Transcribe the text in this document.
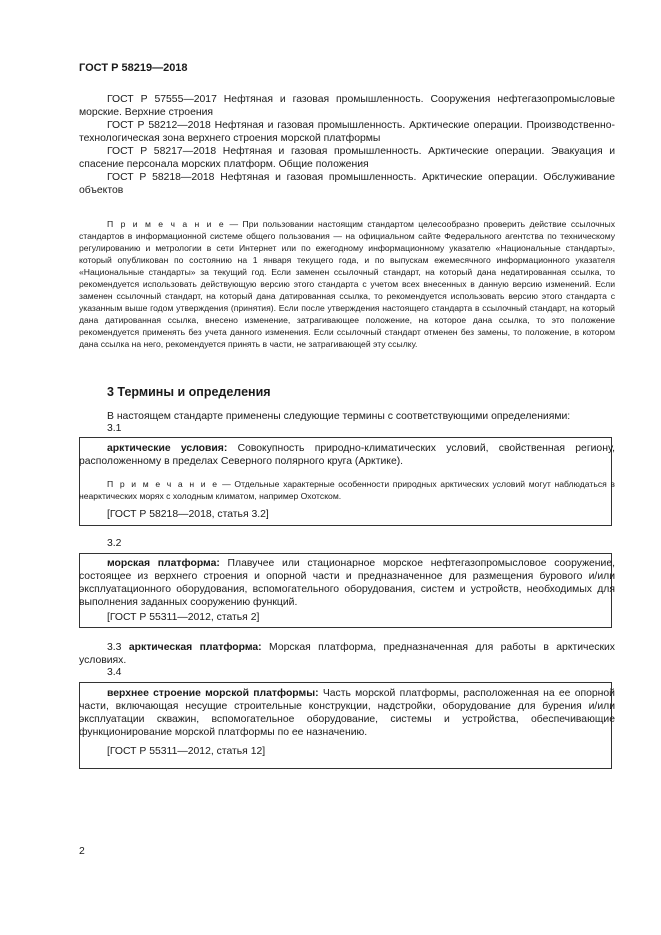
ГОСТ Р 58219—2018
ГОСТ Р 57555—2017 Нефтяная и газовая промышленность. Сооружения нефтегазопромысловые морские. Верхние строения
ГОСТ Р 58212—2018 Нефтяная и газовая промышленность. Арктические операции. Производственно-технологическая зона верхнего строения морской платформы
ГОСТ Р 58217—2018 Нефтяная и газовая промышленность. Арктические операции. Эвакуация и спасение персонала морских платформ. Общие положения
ГОСТ Р 58218—2018 Нефтяная и газовая промышленность. Арктические операции. Обслуживание объектов
П р и м е ч а н и е — При пользовании настоящим стандартом целесообразно проверить действие ссылочных стандартов в информационной системе общего пользования — на официальном сайте Федерального агентства по техническому регулированию и метрологии в сети Интернет или по ежегодному информационному указателю «Национальные стандарты», который опубликован по состоянию на 1 января текущего года, и по выпускам ежемесячного информационного указателя «Национальные стандарты» за текущий год. Если заменен ссылочный стандарт, на который дана недатированная ссылка, то рекомендуется использовать действующую версию этого стандарта с учетом всех внесенных в данную версию изменений. Если заменен ссылочный стандарт, на который дана датированная ссылка, то рекомендуется использовать версию этого стандарта с указанным выше годом утверждения (принятия). Если после утверждения настоящего стандарта в ссылочный стандарт, на который дана датированная ссылка, внесено изменение, затрагивающее положение, на которое дана ссылка, то это положение рекомендуется применять без учета данного изменения. Если ссылочный стандарт отменен без замены, то положение, в котором дана ссылка на него, рекомендуется принять в части, не затрагивающей эту ссылку.
3 Термины и определения
В настоящем стандарте применены следующие термины с соответствующими определениями:
3.1
арктические условия: Совокупность природно-климатических условий, свойственная региону, расположенному в пределах Северного полярного круга (Арктике).
П р и м е ч а н и е — Отдельные характерные особенности природных арктических условий могут наблюдаться в неарктических морях с холодным климатом, например Охотском.
[ГОСТ Р 58218—2018, статья 3.2]
3.2
морская платформа: Плавучее или стационарное морское нефтегазопромысловое сооружение, состоящее из верхнего строения и опорной части и предназначенное для размещения бурового и/или эксплуатационного оборудования, вспомогательного оборудования, систем и устройств, необходимых для выполнения заданных сооружению функций.
[ГОСТ Р 55311—2012, статья 2]
3.3 арктическая платформа: Морская платформа, предназначенная для работы в арктических условиях.
3.4
верхнее строение морской платформы: Часть морской платформы, расположенная на ее опорной части, включающая несущие строительные конструкции, надстройки, оборудование для бурения и/или эксплуатации скважин, вспомогательное оборудование, системы и устройства, обеспечивающие функционирование морской платформы по ее назначению.
[ГОСТ Р 55311—2012, статья 12]
2
